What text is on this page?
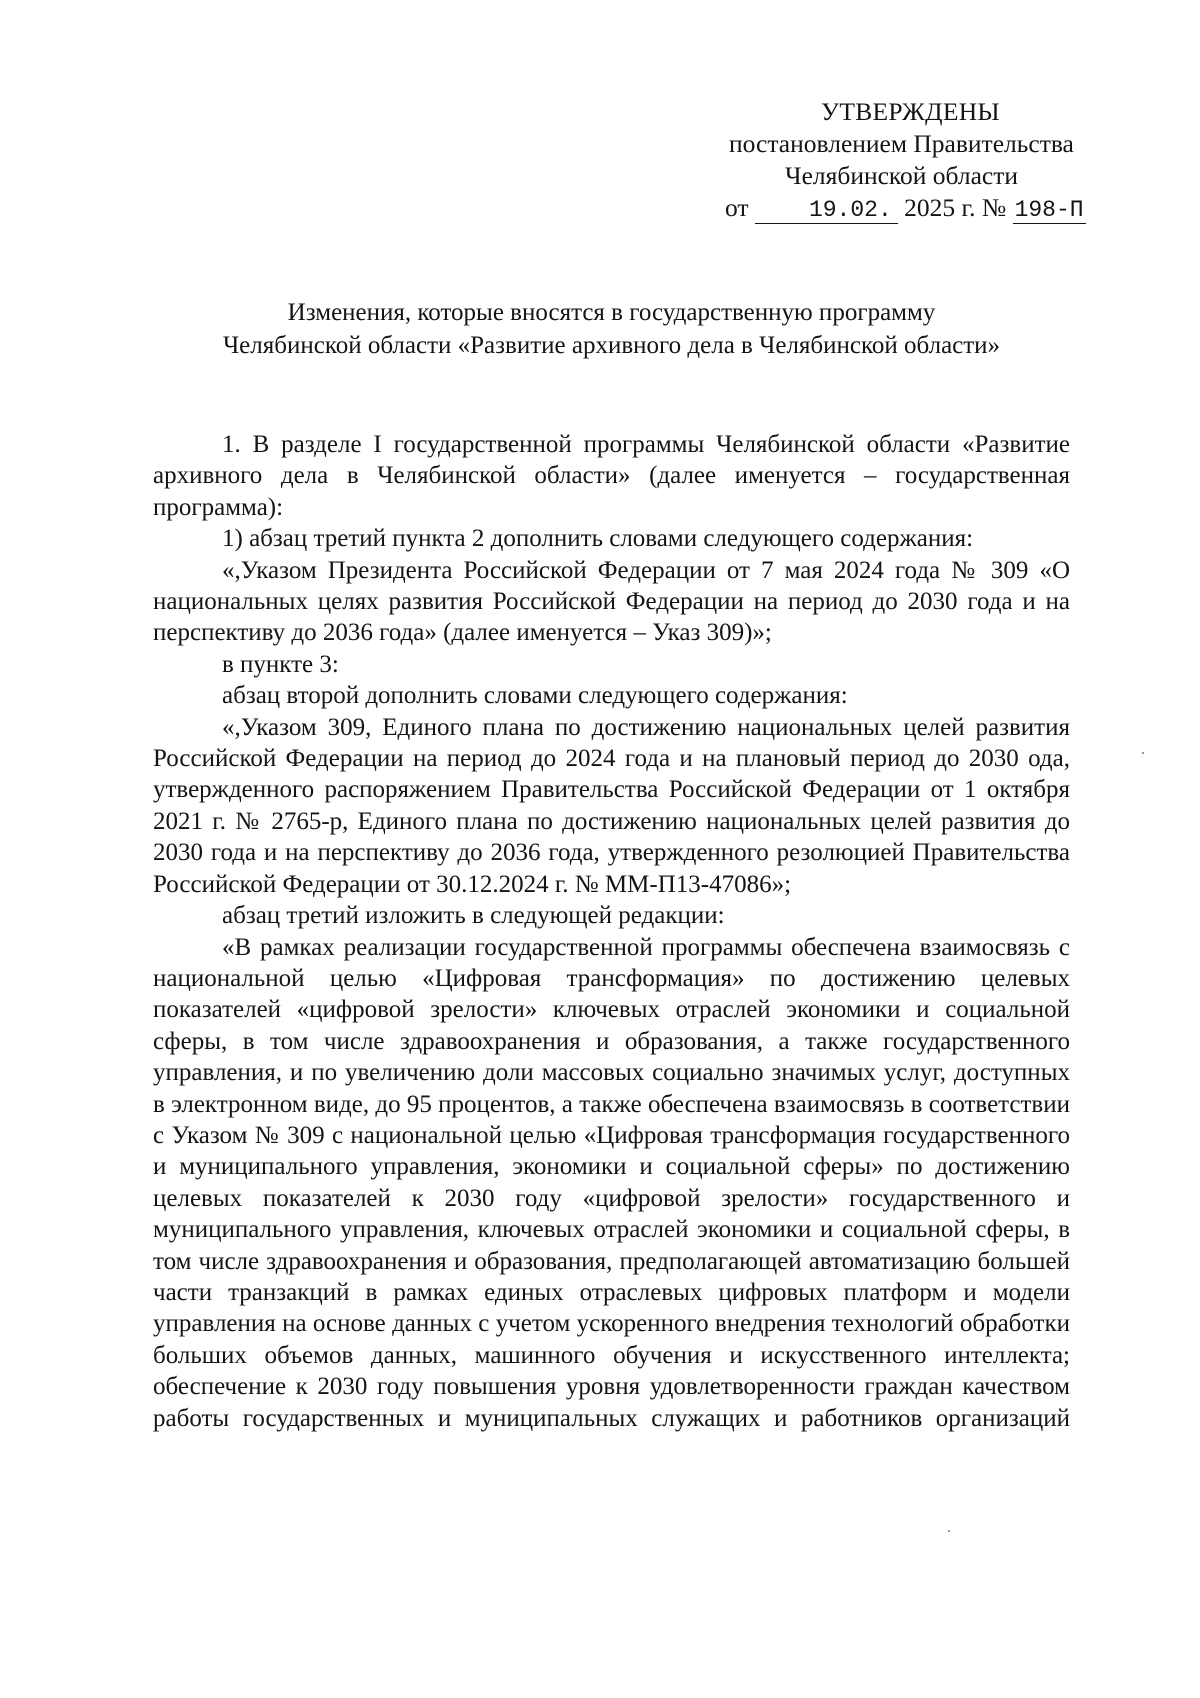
УТВЕРЖДЕНЫ
постановлением Правительства
Челябинской области
от	19.02. 2025 г. № 198-П
Изменения, которые вносятся в государственную программу
Челябинской области «Развитие архивного дела в Челябинской области»

1. В разделе I государственной программы Челябинской области «Развитие архивного дела в Челябинской области» (далее именуется – государственная программа):

1) абзац третий пункта 2 дополнить словами следующего содержания:

«,Указом Президента Российской Федерации от 7 мая 2024 года № 309 «О национальных целях развития Российской Федерации на период до 2030 года и на перспективу до 2036 года» (далее именуется – Указ 309)»;

в пункте 3:

абзац второй дополнить словами следующего содержания:

«,Указом 309, Единого плана по достижению национальных целей развития Российской Федерации на период до 2024 года и на плановый период до 2030 ода, утвержденного распоряжением Правительства Российской Федерации от 1 октября 2021 г. № 2765-р, Единого плана по достижению национальных целей развития до 2030 года и на перспективу до 2036 года, утвержденного резолюцией Правительства Российской Федерации от 30.12.2024 г. № ММ-П13-47086»;

абзац третий изложить в следующей редакции:

«В рамках реализации государственной программы обеспечена взаимосвязь с национальной целью «Цифровая трансформация» по достижению целевых показателей «цифровой зрелости» ключевых отраслей экономики и социальной сферы, в том числе здравоохранения и образования, а также государственного управления, и по увеличению доли массовых социально значимых услуг, доступных в электронном виде, до 95 процентов, а также обеспечена взаимосвязь в соответствии с Указом № 309 с национальной целью «Цифровая трансформация государственного и муниципального управления, экономики и социальной сферы» по достижению целевых показателей к 2030 году «цифровой зрелости» государственного и муниципального управления, ключевых отраслей экономики и социальной сферы, в том числе здравоохранения и образования, предполагающей автоматизацию большей части транзакций в рамках единых отраслевых цифровых платформ и модели управления на основе данных с учетом ускоренного внедрения технологий обработки больших объемов данных, машинного обучения и искусственного интеллекта; обеспечение к 2030 году повышения уровня удовлетворенности граждан качеством работы государственных и муниципальных служащих и работников организаций
